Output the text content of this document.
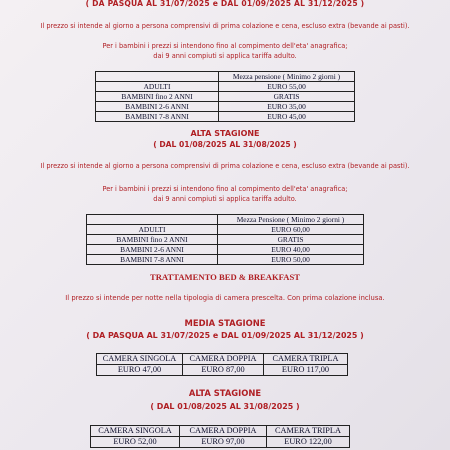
( DA PASQUA AL 31/07/2025 e DAL 01/09/2025 AL 31/12/2025 )
Il prezzo si intende al giorno a persona comprensivi di prima colazione e cena, escluso extra (bevande ai pasti).
Per i bambini i prezzi si intendono fino al compimento dell'eta' anagrafica;
dai 9 anni compiuti si applica tariffa adulto.
	Mezza pensione ( Minimo 2 giorni )
ADULTI	EURO 55,00
BAMBINI fino 2 ANNI	GRATIS
BAMBINI 2-6 ANNI	EURO 35,00
BAMBINI 7-8 ANNI	EURO 45,00
ALTA STAGIONE
( DAL 01/08/2025 AL 31/08/2025 )
Il prezzo si intende al giorno a persona comprensivi di prima colazione e cena, escluso extra (bevande ai pasti).
Per i bambini i prezzi si intendono fino al compimento dell'eta' anagrafica;
dai 9 anni compiuti si applica tariffa adulto.
	Mezza Pensione ( Minimo 2 giorni )
ADULTI	EURO 60,00
BAMBINI fino 2 ANNI	GRATIS
BAMBINI 2-6 ANNI	EURO 40,00
BAMBINI 7-8 ANNI	EURO 50,00
TRATTAMENTO BED & BREAKFAST
Il prezzo si intende per notte nella tipologia di camera prescelta. Con prima colazione inclusa.
MEDIA STAGIONE
( DA PASQUA AL 31/07/2025 e DAL 01/09/2025 AL 31/12/2025 )
CAMERA SINGOLA	CAMERA DOPPIA	CAMERA TRIPLA
EURO 47,00	EURO 87,00	EURO 117,00
ALTA STAGIONE
( DAL 01/08/2025 AL 31/08/2025 )
CAMERA SINGOLA	CAMERA DOPPIA	CAMERA TRIPLA
EURO 52,00	EURO 97,00	EURO 122,00
